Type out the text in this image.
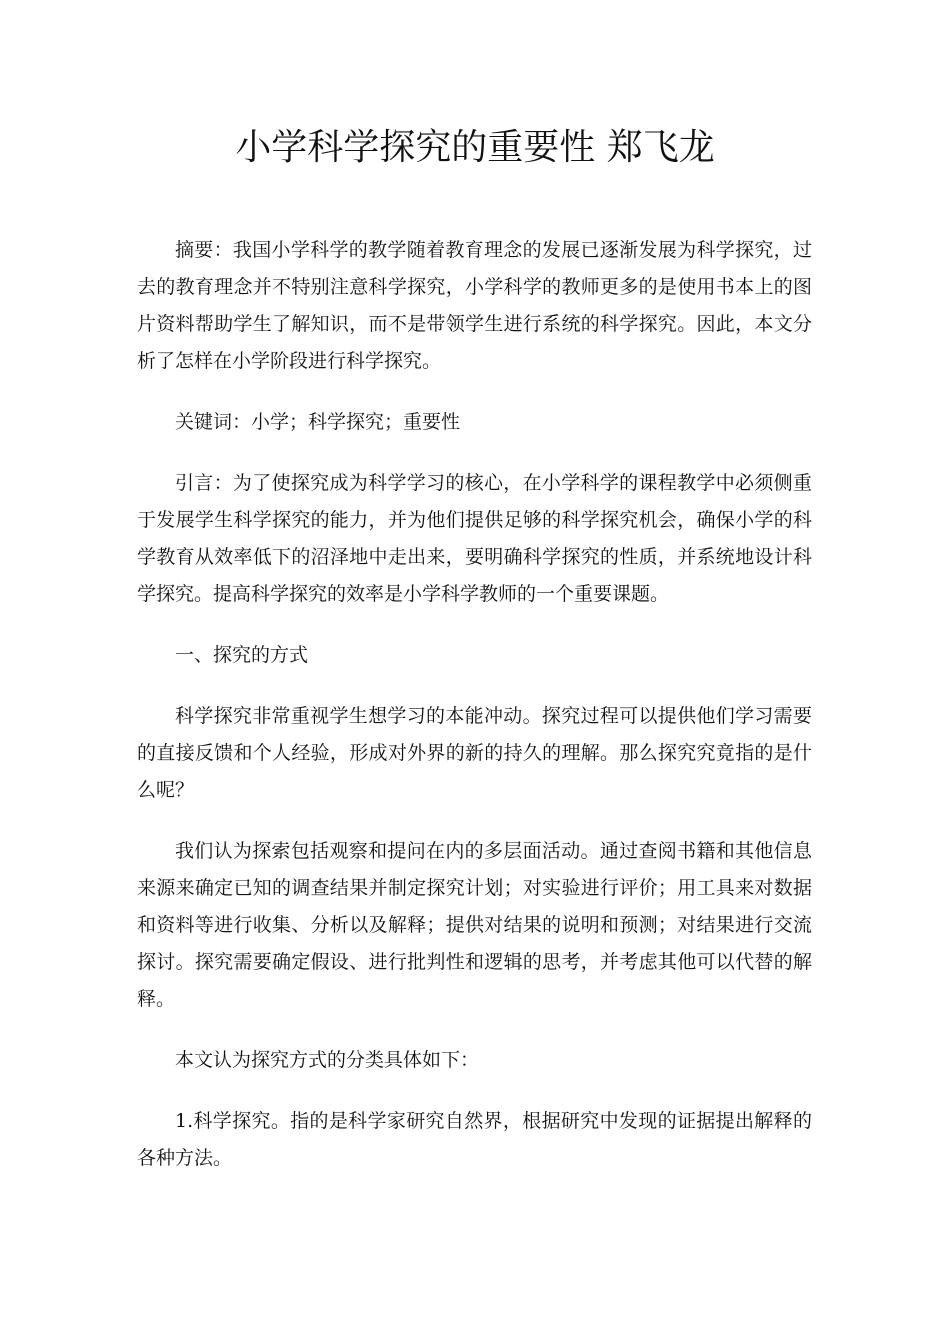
小学科学探究的重要性 郑飞龙

摘要：我国小学科学的教学随着教育理念的发展已逐渐发展为科学探究，过去的教育理念并不特别注意科学探究，小学科学的教师更多的是使用书本上的图片资料帮助学生了解知识，而不是带领学生进行系统的科学探究。因此，本文分析了怎样在小学阶段进行科学探究。

关键词：小学；科学探究；重要性

引言：为了使探究成为科学学习的核心，在小学科学的课程教学中必须侧重于发展学生科学探究的能力，并为他们提供足够的科学探究机会，确保小学的科学教育从效率低下的沼泽地中走出来，要明确科学探究的性质，并系统地设计科学探究。提高科学探究的效率是小学科学教师的一个重要课题。

一、探究的方式

科学探究非常重视学生想学习的本能冲动。探究过程可以提供他们学习需要的直接反馈和个人经验，形成对外界的新的持久的理解。那么探究究竟指的是什么呢？

我们认为探索包括观察和提问在内的多层面活动。通过查阅书籍和其他信息来源来确定已知的调查结果并制定探究计划；对实验进行评价；用工具来对数据和资料等进行收集、分析以及解释；提供对结果的说明和预测；对结果进行交流探讨。探究需要确定假设、进行批判性和逻辑的思考，并考虑其他可以代替的解释。

本文认为探究方式的分类具体如下：

1.科学探究。指的是科学家研究自然界，根据研究中发现的证据提出解释的各种方法。
